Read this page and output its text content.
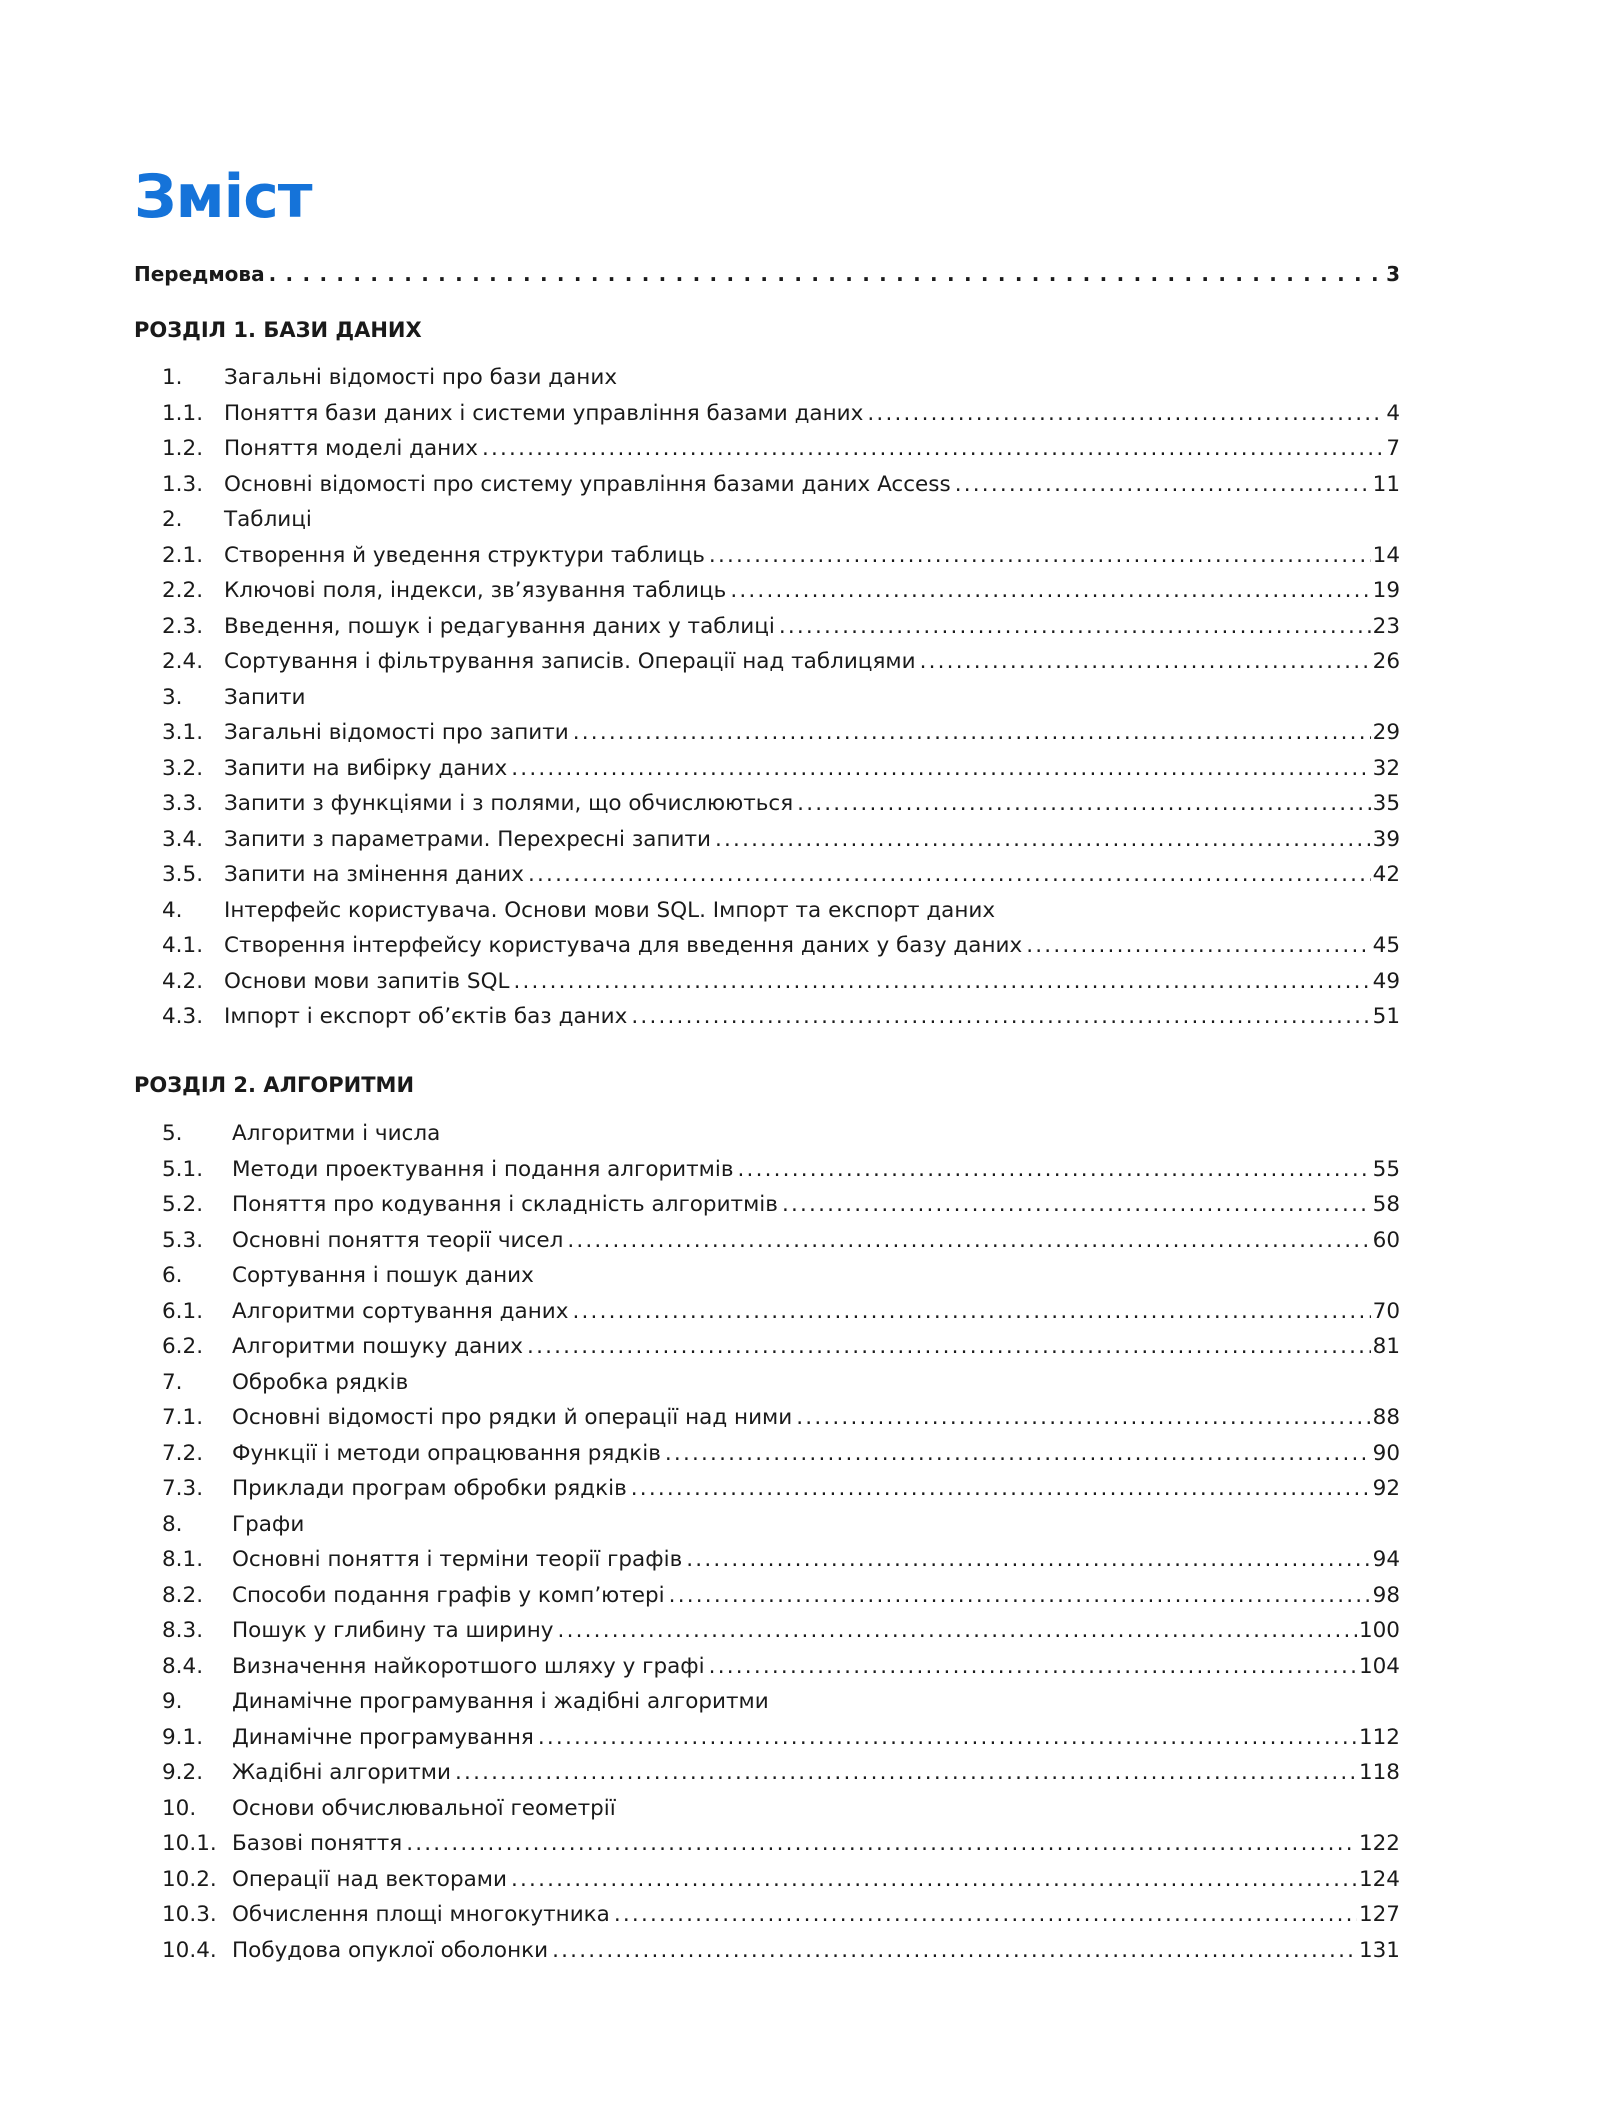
Зміст
Передмова . . .	3
РОЗДІЛ 1. БАЗИ ДАНИХ
1.	Загальні відомості про бази даних
1.1. Поняття бази даних і системи управління базами даних .....	4
1.2. Поняття моделі даних .....	7
1.3. Основні відомості про систему управління базами даних Access .....	11
2.	Таблиці
2.1. Створення й уведення структури таблиць .....	14
2.2. Ключові поля, індекси, зв’язування таблиць .....	19
2.3. Введення, пошук і редагування даних у таблиці .....	23
2.4. Сортування і фільтрування записів. Операції над таблицями .....	26
3.	Запити
3.1. Загальні відомості про запити .....	29
3.2. Запити на вибірку даних .....	32
3.3. Запити з функціями і з полями, що обчислюються .....	35
3.4. Запити з параметрами. Перехресні запити .....	39
3.5. Запити на змінення даних .....	42
4.	Інтерфейс користувача. Основи мови SQL. Імпорт та експорт даних
4.1. Створення інтерфейсу користувача для введення даних у базу даних .....	45
4.2. Основи мови запитів SQL .....	49
4.3. Імпорт і експорт об’єктів баз даних .....	51
РОЗДІЛ 2. АЛГОРИТМИ
5.	Алгоритми і числа
5.1.	Методи проектування і подання алгоритмів .....	55
5.2.	Поняття про кодування і складність алгоритмів .....	58
5.3.	Основні поняття теорії чисел .....	60
6.	Сортування і пошук даних
6.1.	Алгоритми сортування даних .....	70
6.2.	Алгоритми пошуку даних .....	81
7.	Обробка рядків
7.1.	Основні відомості про рядки й операції над ними .....	88
7.2.	Функції і методи опрацювання рядків .....	90
7.3.	Приклади програм обробки рядків .....	92
8.	Графи
8.1.	Основні поняття і терміни теорії графів .....	94
8.2.	Способи подання графів у комп’ютері .....	98
8.3.	Пошук у глибину та ширину .....	100
8.4.	Визначення найкоротшого шляху у графі .....	104
9.	Динамічне програмування і жадібні алгоритми
9.1.	Динамічне програмування .....	112
9.2.	Жадібні алгоритми .....	118
10.	Основи обчислювальної геометрії
10.1. Базові поняття .....	122
10.2. Операції над векторами .....	124
10.3. Обчислення площі многокутника .....	127
10.4. Побудова опуклої оболонки .....	131
